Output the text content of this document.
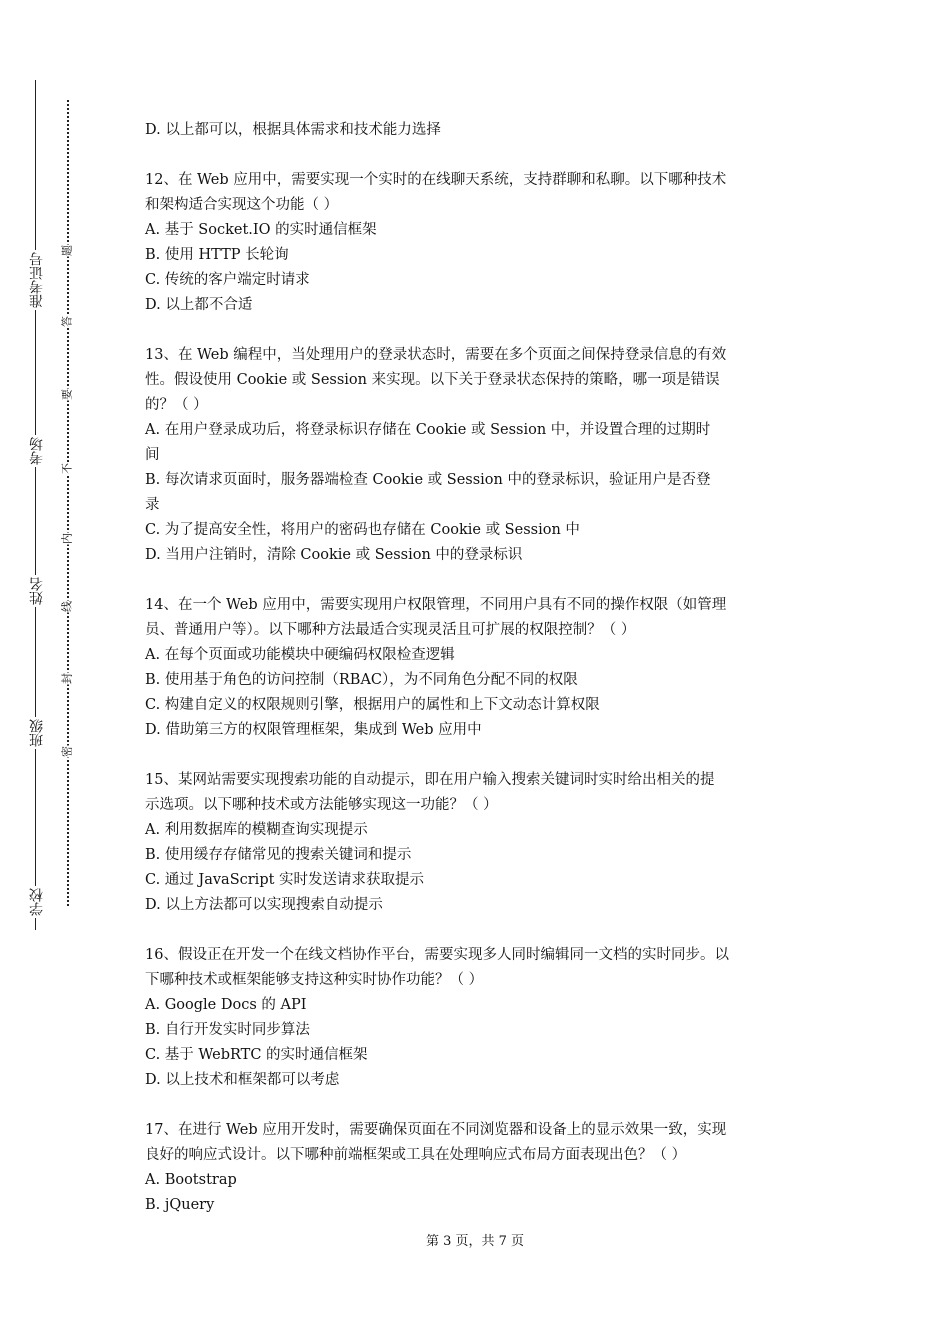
准考证号
考场
姓名
班级
学校
题
答
要
不
内
线
封
密

D. 以上都可以，根据具体需求和技术能力选择

12、在 Web 应用中，需要实现一个实时的在线聊天系统，支持群聊和私聊。以下哪种技术

和架构适合实现这个功能（ ）

A. 基于 Socket.IO 的实时通信框架

B. 使用 HTTP 长轮询

C. 传统的客户端定时请求

D. 以上都不合适

13、在 Web 编程中，当处理用户的登录状态时，需要在多个页面之间保持登录信息的有效

性。假设使用 Cookie 或 Session 来实现。以下关于登录状态保持的策略，哪一项是错误

的？（ ）

A. 在用户登录成功后，将登录标识存储在 Cookie 或 Session 中，并设置合理的过期时

间

B. 每次请求页面时，服务器端检查 Cookie 或 Session 中的登录标识，验证用户是否登

录

C. 为了提高安全性，将用户的密码也存储在 Cookie 或 Session 中

D. 当用户注销时，清除 Cookie 或 Session 中的登录标识

14、在一个 Web 应用中，需要实现用户权限管理，不同用户具有不同的操作权限（如管理

员、普通用户等）。以下哪种方法最适合实现灵活且可扩展的权限控制？（ ）

A. 在每个页面或功能模块中硬编码权限检查逻辑

B. 使用基于角色的访问控制（RBAC），为不同角色分配不同的权限

C. 构建自定义的权限规则引擎，根据用户的属性和上下文动态计算权限

D. 借助第三方的权限管理框架，集成到 Web 应用中

15、某网站需要实现搜索功能的自动提示，即在用户输入搜索关键词时实时给出相关的提

示选项。以下哪种技术或方法能够实现这一功能？（ ）

A. 利用数据库的模糊查询实现提示

B. 使用缓存存储常见的搜索关键词和提示

C. 通过 JavaScript 实时发送请求获取提示

D. 以上方法都可以实现搜索自动提示

16、假设正在开发一个在线文档协作平台，需要实现多人同时编辑同一文档的实时同步。以

下哪种技术或框架能够支持这种实时协作功能？（ ）

A. Google Docs 的 API

B. 自行开发实时同步算法

C. 基于 WebRTC 的实时通信框架

D. 以上技术和框架都可以考虑

17、在进行 Web 应用开发时，需要确保页面在不同浏览器和设备上的显示效果一致，实现

良好的响应式设计。以下哪种前端框架或工具在处理响应式布局方面表现出色？（ ）

A. Bootstrap

B. jQuery

第 3 页，共 7 页
